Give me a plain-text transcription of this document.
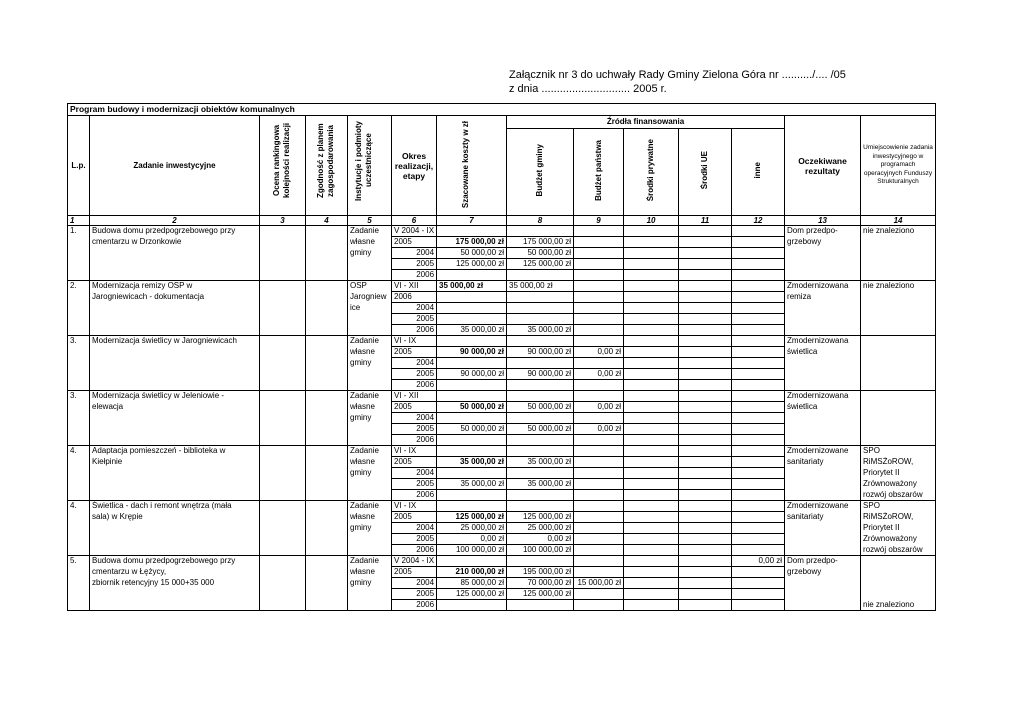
Załącznik nr 3 do uchwały Rady Gminy Zielona Góra nr ........../.... /05
z dnia ............................. 2005 r.
Program budowy i modernizacji obiektów komunalnych													
L.p.	Zadanie inwestycyjne	Ocena rankingowa kolejności realizacji	Zgodność z planem zagospodarowania	Instytucje i podmioty uczestniczące	Okres realizacji, etapy	Szacowane koszty w zł	Źródła finansowania					Oczekiwane rezultaty	Umiejscowienie zadania inwestycyjnego w programach operacyjnych Funduszy Strukturalnych
							Budżet gminy	Budżet państwa	Środki prywatne	Środki UE	inne		
1	2	3	4	5	6	7	8	9	10	11	12	13	14
1.	Budowa domu przedpogrzebowego przy			Zadanie	V 2004 - IX							Dom przedpo-	nie znaleziono
	cmentarzu w Drzonkowie			własne	2005	175 000,00 zł	175 000,00 zł					grzebowy	
				gminy	2004	50 000,00 zł	50 000,00 zł						
					2005	125 000,00 zł	125 000,00 zł						
					2006								
2.	Modernizacja remizy OSP w			OSP	VI - XII	35 000,00 zł	35 000,00 zł					Zmodernizowana	nie znaleziono
	Jarogniewicach - dokumentacja			Jarogniew	2006							remiza	
				ice	2004								
					2005								
					2006	35 000,00 zł	35 000,00 zł						
3.	Modernizacja świetlicy w Jarogniewicach			Zadanie	VI - IX							Zmodernizowana	
				własne	2005	90 000,00 zł	90 000,00 zł	0,00 zł				świetlica	
				gminy	2004								
					2005	90 000,00 zł	90 000,00 zł	0,00 zł					
					2006								
3.	Modernizacja świetlicy w Jeleniowie -			Zadanie	VI - XII							Zmodernizowana	
	elewacja			własne	2005	50 000,00 zł	50 000,00 zł	0,00 zł				świetlica	
				gminy	2004								
					2005	50 000,00 zł	50 000,00 zł	0,00 zł					
					2006								
4.	Adaptacja pomieszczeń - biblioteka w			Zadanie	VI - IX							Zmodernizowane	SPO
	Kiełpinie			własne	2005	35 000,00 zł	35 000,00 zł					sanitariaty	RiMSŻoROW,
				gminy	2004								Priorytet II
					2005	35 000,00 zł	35 000,00 zł						Zrównoważony
					2006								rozwój obszarów
4.	Świetlica - dach i remont wnętrza (mała			Zadanie	VI - IX							Zmodernizowane	SPO
	sala) w Krępie			własne	2005	125 000,00 zł	125 000,00 zł					sanitariaty	RiMSŻoROW,
				gminy	2004	25 000,00 zł	25 000,00 zł						Priorytet II
					2005	0,00 zł	0,00 zł						Zrównoważony
					2006	100 000,00 zł	100 000,00 zł						rozwój obszarów
5.	Budowa domu przedpogrzebowego przy			Zadanie	V 2004 - IX						0,00 zł	Dom przedpo-	
	cmentarzu w Łężycy,			własne	2005	210 000,00 zł	195 000,00 zł					grzebowy	
	zbiornik retencyjny 15 000+35 000			gminy	2004	85 000,00 zł	70 000,00 zł	15 000,00 zł					
					2005	125 000,00 zł	125 000,00 zł						
					2006								nie znaleziono
